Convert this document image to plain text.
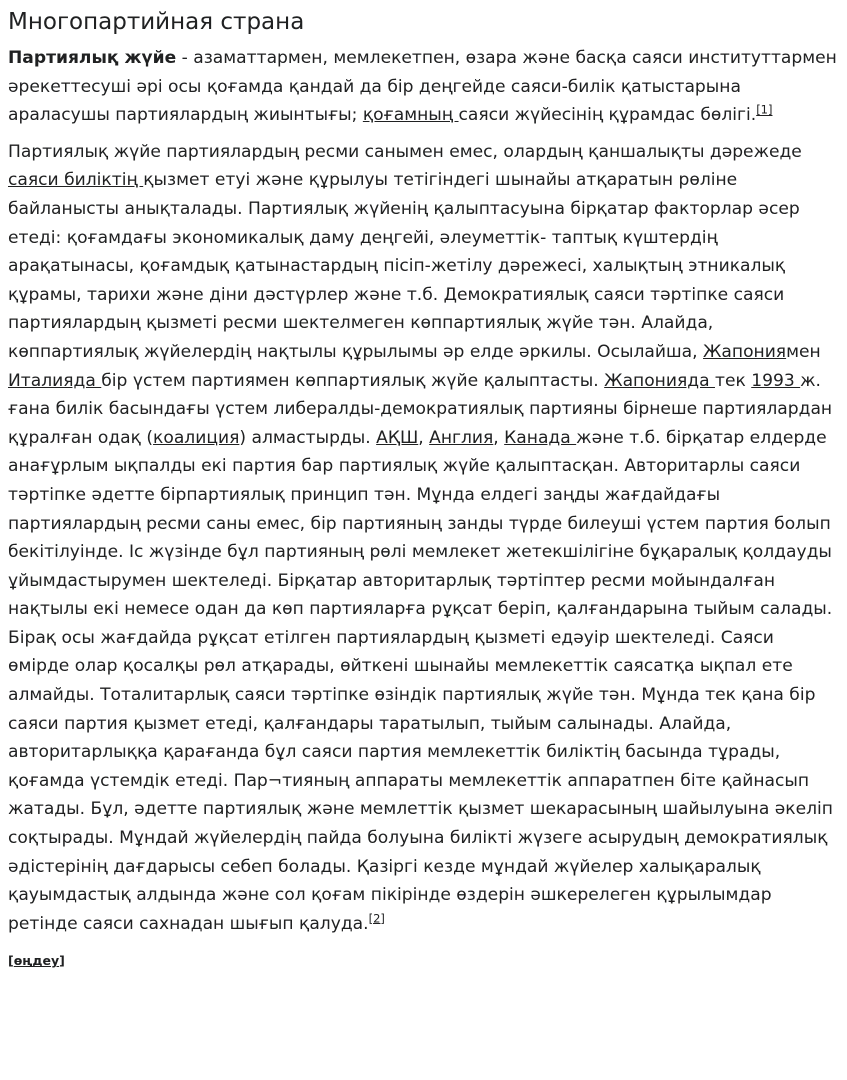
Многопартийная страна

Партиялық жүйе - азаматтармен, мемлекетпен, өзара және басқа саяси институттармен әрекеттесуші әрі осы қоғамда қандай да бір деңгейде саяси-билік қатыстарына араласушы партиялардың жиынтығы; қоғамның саяси жүйесінің құрамдас бөлігі.[1]

Партиялық жүйе партиялардың ресми санымен емес, олардың қаншалықты дәрежеде саяси биліктің қызмет етуі және құрылуы тетігіндегі шынайы атқаратын рөліне байланысты анықталады. Партиялық жүйенің қалыптасуына бірқатар факторлар әсер етеді: қоғамдағы экономикалық даму деңгейі, әлеуметтік- таптық күштердің арақатынасы, қоғамдық қатынастардың пісіп-жетілу дәрежесі, халықтың этникалық құрамы, тарихи және діни дәстүрлер және т.б. Демократиялық саяси тәртіпке саяси партиялардың қызметі ресми шектелмеген көппартиялық жүйе тән. Алайда, көппартиялық жүйелердің нақтылы құрылымы әр елде әркилы. Осылайша, Жапониямен Италияда бір үстем партиямен көппартиялық жүйе қалыптасты. Жапонияда тек 1993 ж. ғана билік басындағы үстем либералды-демократиялық партияны бірнеше партиялардан құралған одақ (коалиция) алмастырды. АҚШ, Англия, Канада және т.б. бірқатар елдерде анағұрлым ықпалды екі партия бар партиялық жүйе қалыптасқан. Авторитарлы саяси тәртіпке әдетте бірпартиялық принцип тән. Мұнда елдегі заңды жағдайдағы партиялардың ресми саны емес, бір партияның занды түрде билеуші үстем партия болып бекітілуінде. Іс жүзінде бұл партияның рөлі мемлекет жетекшілігіне бұқаралық қолдауды ұйымдастырумен шектеледі. Бірқатар авторитарлық тәртіптер ресми мойындалған нақтылы екі немесе одан да көп партияларға рұқсат беріп, қалғандарына тыйым салады. Бірақ осы жағдайда рұқсат етілген партиялардың қызметі едәуір шектеледі. Саяси өмірде олар қосалқы рөл атқарады, өйткені шынайы мемлекеттік саясатқа ықпал ете алмайды. Тоталитарлық саяси тәртіпке өзіндік партиялық жүйе тән. Мұнда тек қана бір саяси партия қызмет етеді, қалғандары таратылып, тыйым салынады. Алайда, авторитарлыққа қарағанда бұл саяси партия мемлекеттік биліктің басында тұрады, қоғамда үстемдік етеді. Пар¬тияның аппараты мемлекеттік аппаратпен біте қайнасып жатады. Бұл, әдетте партиялық және мемлеттік қызмет шекарасының шайылуына әкеліп соқтырады. Мұндай жүйелердің пайда болуына билікті жүзеге асырудың демократиялық әдістерінің дағдарысы себеп болады. Қазіргі кезде мұндай жүйелер халықаралық қауымдастық алдында және сол қоғам пікірінде өздерін әшкерелеген құрылымдар ретінде саяси сахнадан шығып қалуда.[2]

[өңдеу]
